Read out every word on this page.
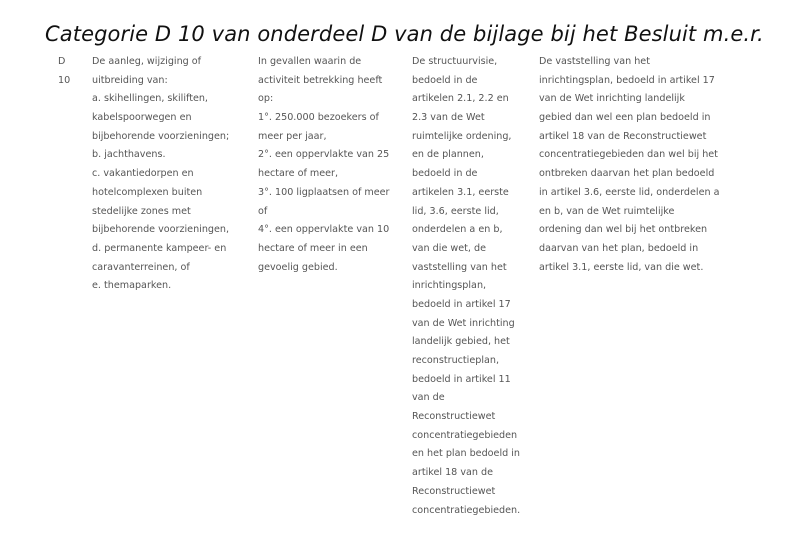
Categorie D 10 van onderdeel D van de bijlage bij het Besluit m.e.r.
D
10
De aanleg, wijziging of
uitbreiding van:
a. skihellingen, skiliften,
kabelspoorwegen en
bijbehorende voorzieningen;
b. jachthavens.
c. vakantiedorpen en
hotelcomplexen buiten
stedelijke zones met
bijbehorende voorzieningen,
d. permanente kampeer- en
caravanterreinen, of
e. themaparken.
In gevallen waarin de
activiteit betrekking heeft
op:
1°. 250.000 bezoekers of
meer per jaar,
2°. een oppervlakte van 25
hectare of meer,
3°. 100 ligplaatsen of meer
of
4°. een oppervlakte van 10
hectare of meer in een
gevoelig gebied.
De structuurvisie,
bedoeld in de
artikelen 2.1, 2.2 en
2.3 van de Wet
ruimtelijke ordening,
en de plannen,
bedoeld in de
artikelen 3.1, eerste
lid, 3.6, eerste lid,
onderdelen a en b,
van die wet, de
vaststelling van het
inrichtingsplan,
bedoeld in artikel 17
van de Wet inrichting
landelijk gebied, het
reconstructieplan,
bedoeld in artikel 11
van de
Reconstructiewet
concentratiegebieden
en het plan bedoeld in
artikel 18 van de
Reconstructiewet
concentratiegebieden.
De vaststelling van het
inrichtingsplan, bedoeld in artikel 17
van de Wet inrichting landelijk
gebied dan wel een plan bedoeld in
artikel 18 van de Reconstructiewet
concentratiegebieden dan wel bij het
ontbreken daarvan het plan bedoeld
in artikel 3.6, eerste lid, onderdelen a
en b, van de Wet ruimtelijke
ordening dan wel bij het ontbreken
daarvan van het plan, bedoeld in
artikel 3.1, eerste lid, van die wet.
